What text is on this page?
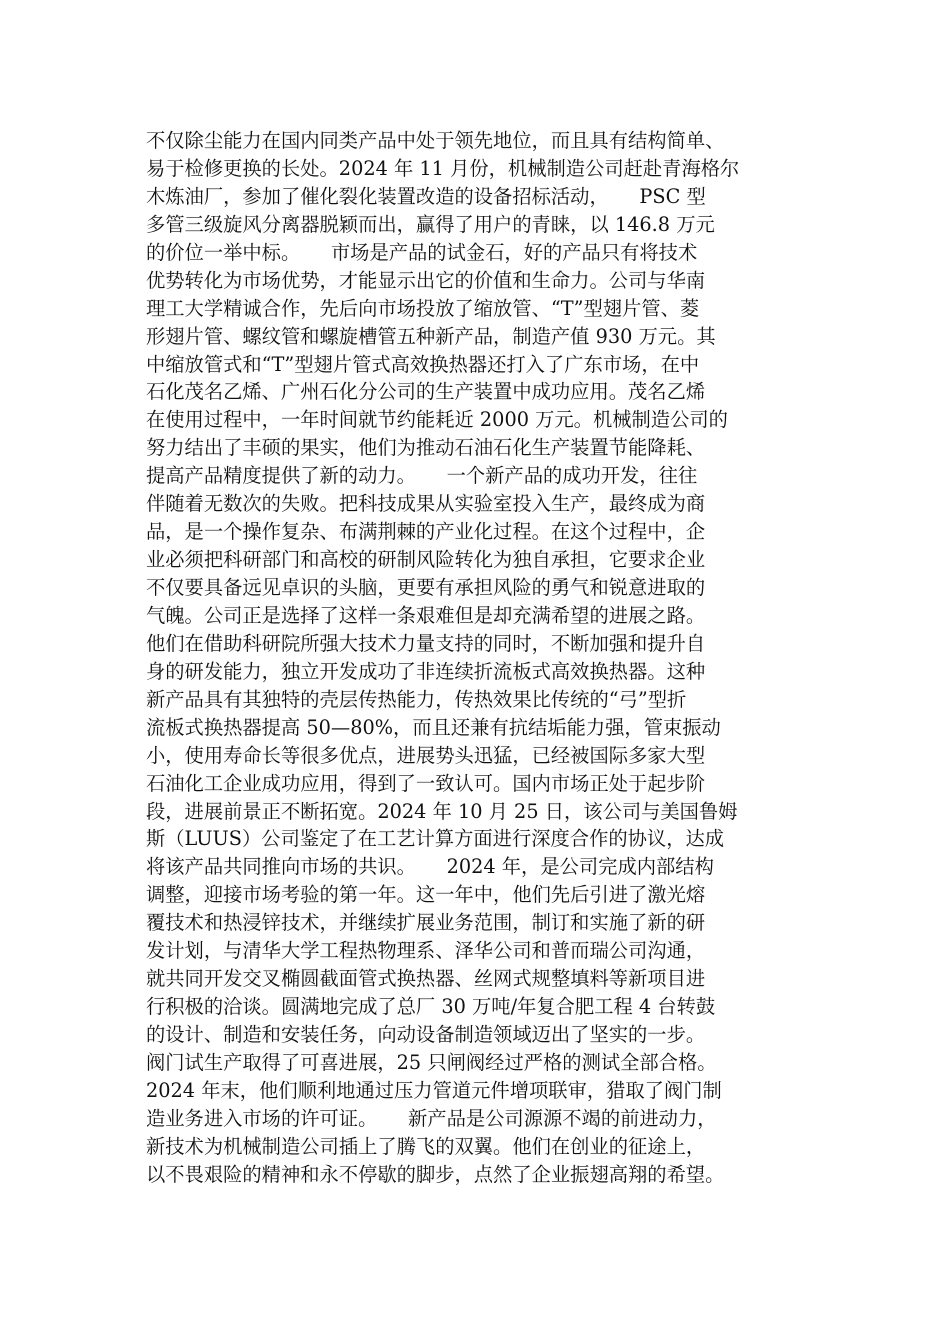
不仅除尘能力在国内同类产品中处于领先地位，而且具有结构简单、
易于检修更换的长处。2024 年 11 月份，机械制造公司赶赴青海格尔
木炼油厂，参加了催化裂化装置改造的设备招标活动，     PSC 型
多管三级旋风分离器脱颖而出，赢得了用户的青睐，以 146.8 万元
的价位一举中标。     市场是产品的试金石，好的产品只有将技术
优势转化为市场优势，才能显示出它的价值和生命力。公司与华南
理工大学精诚合作，先后向市场投放了缩放管、“T”型翅片管、菱
形翅片管、螺纹管和螺旋槽管五种新产品，制造产值 930 万元。其
中缩放管式和“T”型翅片管式高效换热器还打入了广东市场，在中
石化茂名乙烯、广州石化分公司的生产装置中成功应用。茂名乙烯
在使用过程中，一年时间就节约能耗近 2000 万元。机械制造公司的
努力结出了丰硕的果实，他们为推动石油石化生产装置节能降耗、
提高产品精度提供了新的动力。     一个新产品的成功开发，往往
伴随着无数次的失败。把科技成果从实验室投入生产，最终成为商
品，是一个操作复杂、布满荆棘的产业化过程。在这个过程中，企
业必须把科研部门和高校的研制风险转化为独自承担，它要求企业
不仅要具备远见卓识的头脑，更要有承担风险的勇气和锐意进取的
气魄。公司正是选择了这样一条艰难但是却充满希望的进展之路。
他们在借助科研院所强大技术力量支持的同时，不断加强和提升自
身的研发能力，独立开发成功了非连续折流板式高效换热器。这种
新产品具有其独特的壳层传热能力，传热效果比传统的“弓”型折
流板式换热器提高 50—80%，而且还兼有抗结垢能力强，管束振动
小，使用寿命长等很多优点，进展势头迅猛，已经被国际多家大型
石油化工企业成功应用，得到了一致认可。国内市场正处于起步阶
段，进展前景正不断拓宽。2024 年 10 月 25 日，该公司与美国鲁姆
斯（LUUS）公司鉴定了在工艺计算方面进行深度合作的协议，达成
将该产品共同推向市场的共识。     2024 年，是公司完成内部结构
调整，迎接市场考验的第一年。这一年中，他们先后引进了激光熔
覆技术和热浸锌技术，并继续扩展业务范围，制订和实施了新的研
发计划，与清华大学工程热物理系、泽华公司和普而瑞公司沟通，
就共同开发交叉椭圆截面管式换热器、丝网式规整填料等新项目进
行积极的洽谈。圆满地完成了总厂 30 万吨/年复合肥工程 4 台转鼓
的设计、制造和安装任务，向动设备制造领域迈出了坚实的一步。
阀门试生产取得了可喜进展，25 只闸阀经过严格的测试全部合格。
2024 年末，他们顺利地通过压力管道元件增项联审，猎取了阀门制
造业务进入市场的许可证。     新产品是公司源源不竭的前进动力，
新技术为机械制造公司插上了腾飞的双翼。他们在创业的征途上，
以不畏艰险的精神和永不停歇的脚步，点然了企业振翅高翔的希望。
